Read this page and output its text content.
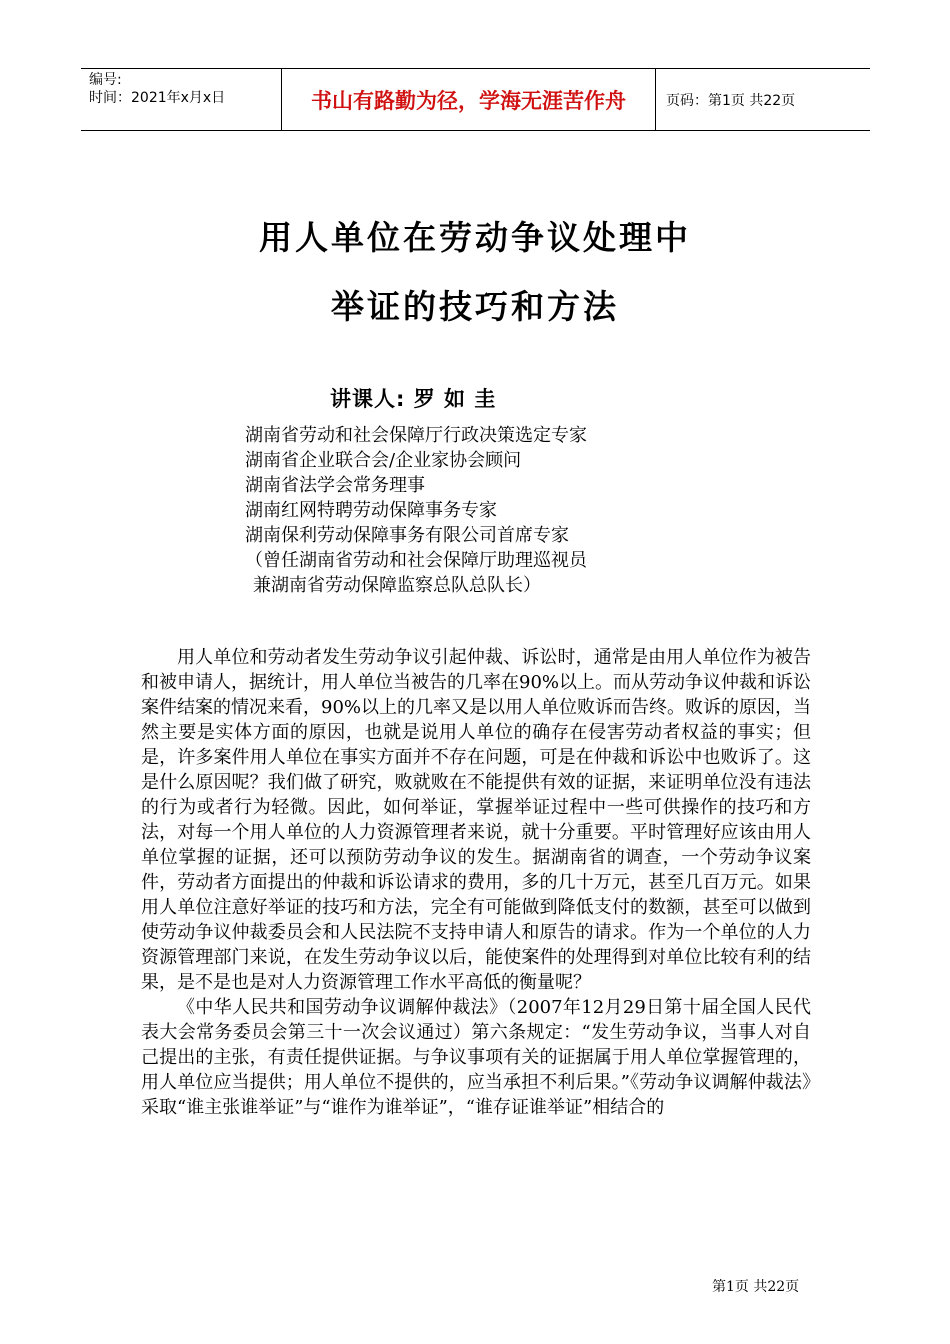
编号:
时间：2021年x月x日	书山有路勤为径，学海无涯苦作舟	页码：第1页 共22页
用人单位在劳动争议处理中
举证的技巧和方法
讲课人: 罗 如 圭
湖南省劳动和社会保障厅行政决策选定专家
湖南省企业联合会/企业家协会顾问
湖南省法学会常务理事
湖南红网特聘劳动保障事务专家
湖南保利劳动保障事务有限公司首席专家
（曾任湖南省劳动和社会保障厅助理巡视员
兼湖南省劳动保障监察总队总队长）

用人单位和劳动者发生劳动争议引起仲裁、诉讼时，通常是由用人单位作为被告和被申请人，据统计，用人单位当被告的几率在90%以上。而从劳动争议仲裁和诉讼案件结案的情况来看，90%以上的几率又是以用人单位败诉而告终。败诉的原因，当然主要是实体方面的原因，也就是说用人单位的确存在侵害劳动者权益的事实；但是，许多案件用人单位在事实方面并不存在问题，可是在仲裁和诉讼中也败诉了。这是什么原因呢？我们做了研究，败就败在不能提供有效的证据，来证明单位没有违法的行为或者行为轻微。因此，如何举证，掌握举证过程中一些可供操作的技巧和方法，对每一个用人单位的人力资源管理者来说，就十分重要。平时管理好应该由用人单位掌握的证据，还可以预防劳动争议的发生。据湖南省的调查，一个劳动争议案件，劳动者方面提出的仲裁和诉讼请求的费用，多的几十万元，甚至几百万元。如果用人单位注意好举证的技巧和方法，完全有可能做到降低支付的数额，甚至可以做到使劳动争议仲裁委员会和人民法院不支持申请人和原告的请求。作为一个单位的人力资源管理部门来说，在发生劳动争议以后，能使案件的处理得到对单位比较有利的结果，是不是也是对人力资源管理工作水平高低的衡量呢？

《中华人民共和国劳动争议调解仲裁法》（2007年12月29日第十届全国人民代表大会常务委员会第三十一次会议通过）第六条规定：“发生劳动争议，当事人对自己提出的主张，有责任提供证据。与争议事项有关的证据属于用人单位掌握管理的，用人单位应当提供；用人单位不提供的，应当承担不利后果。”《劳动争议调解仲裁法》采取“谁主张谁举证”与“谁作为谁举证”，“谁存证谁举证”相结合的

第1页 共22页
